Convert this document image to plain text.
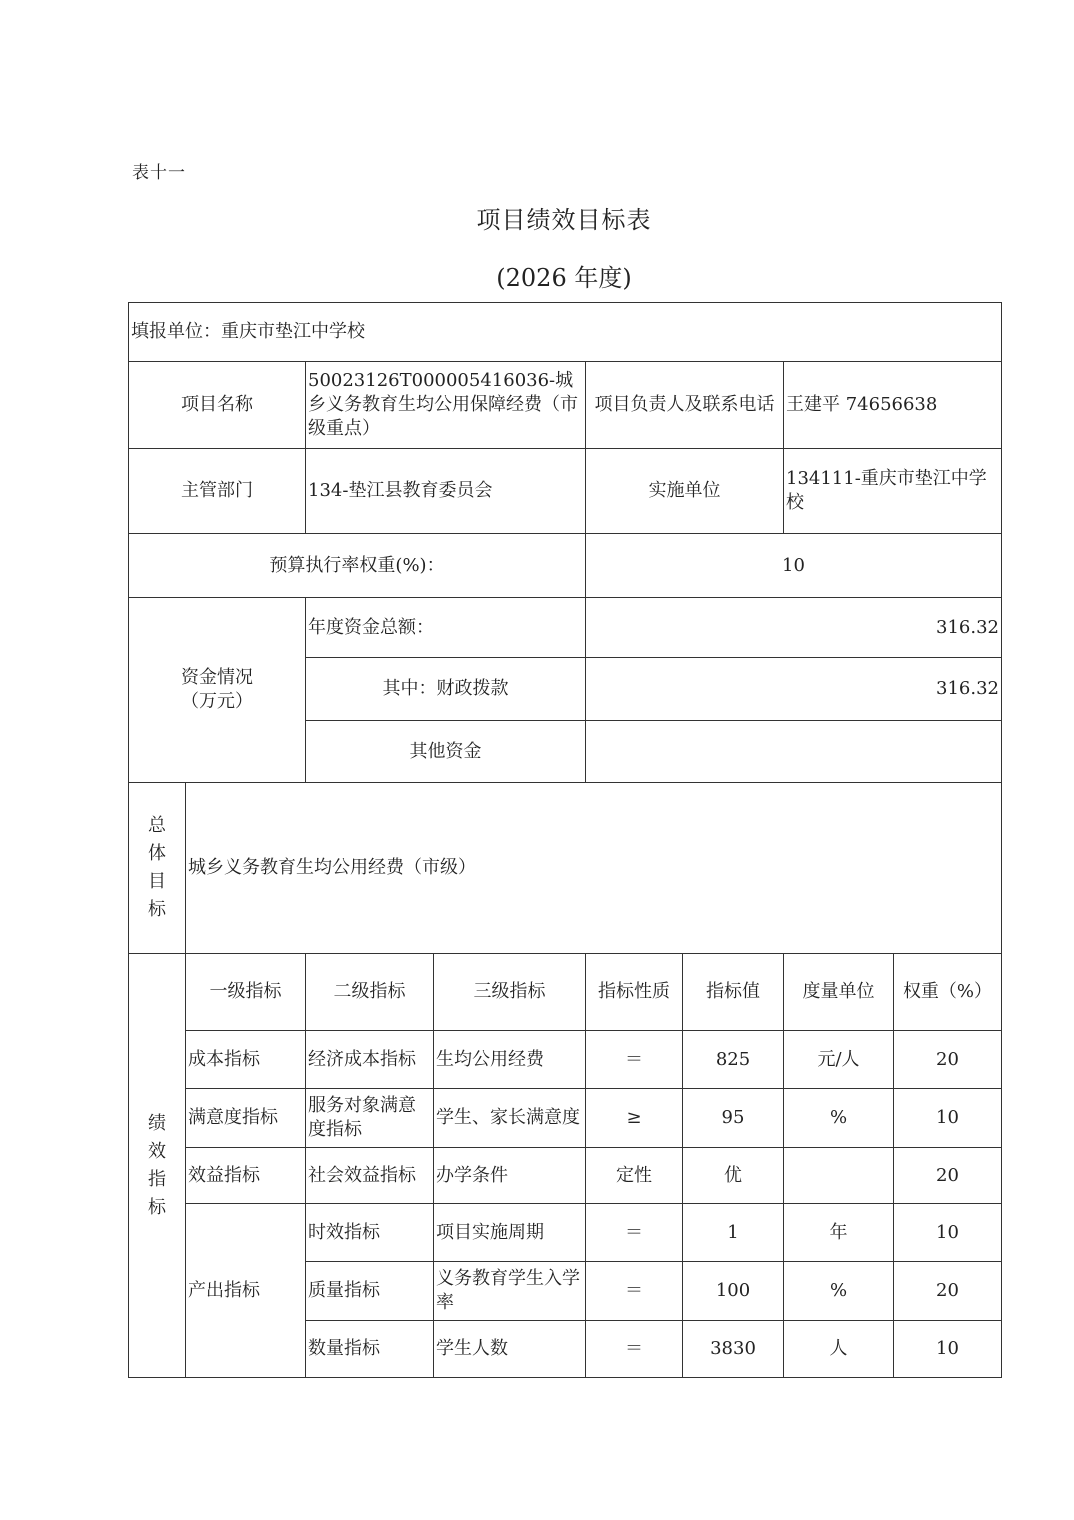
表十一
项目绩效目标表
(2026 年度)
填报单位：重庆市垫江中学校							
项目名称		50023126T000005416036-城乡义务教育生均公用保障经费（市级重点）		项目负责人及联系电话		王建平 74656638	
主管部门		134-垫江县教育委员会		实施单位		134111-重庆市垫江中学校	
预算执行率权重(%)：				10			
资金情况
（万元）		年度资金总额：		316.32			
		其中：财政拨款		316.32			
		其他资金					

总
体
目
标	城乡义务教育生均公用经费（市级）						

绩
效
指
标	一级指标	二级指标	三级指标	指标性质	指标值	度量单位	权重（%）
	成本指标	经济成本指标	生均公用经费	＝	825	元/人	20
	满意度指标	服务对象满意度指标	学生、家长满意度	≥	95	%	10
	效益指标	社会效益指标	办学条件	定性	优		20
	产出指标	时效指标	项目实施周期	＝	1	年	10
		质量指标	义务教育学生入学率	＝	100	%	20
		数量指标	学生人数	＝	3830	人	10
